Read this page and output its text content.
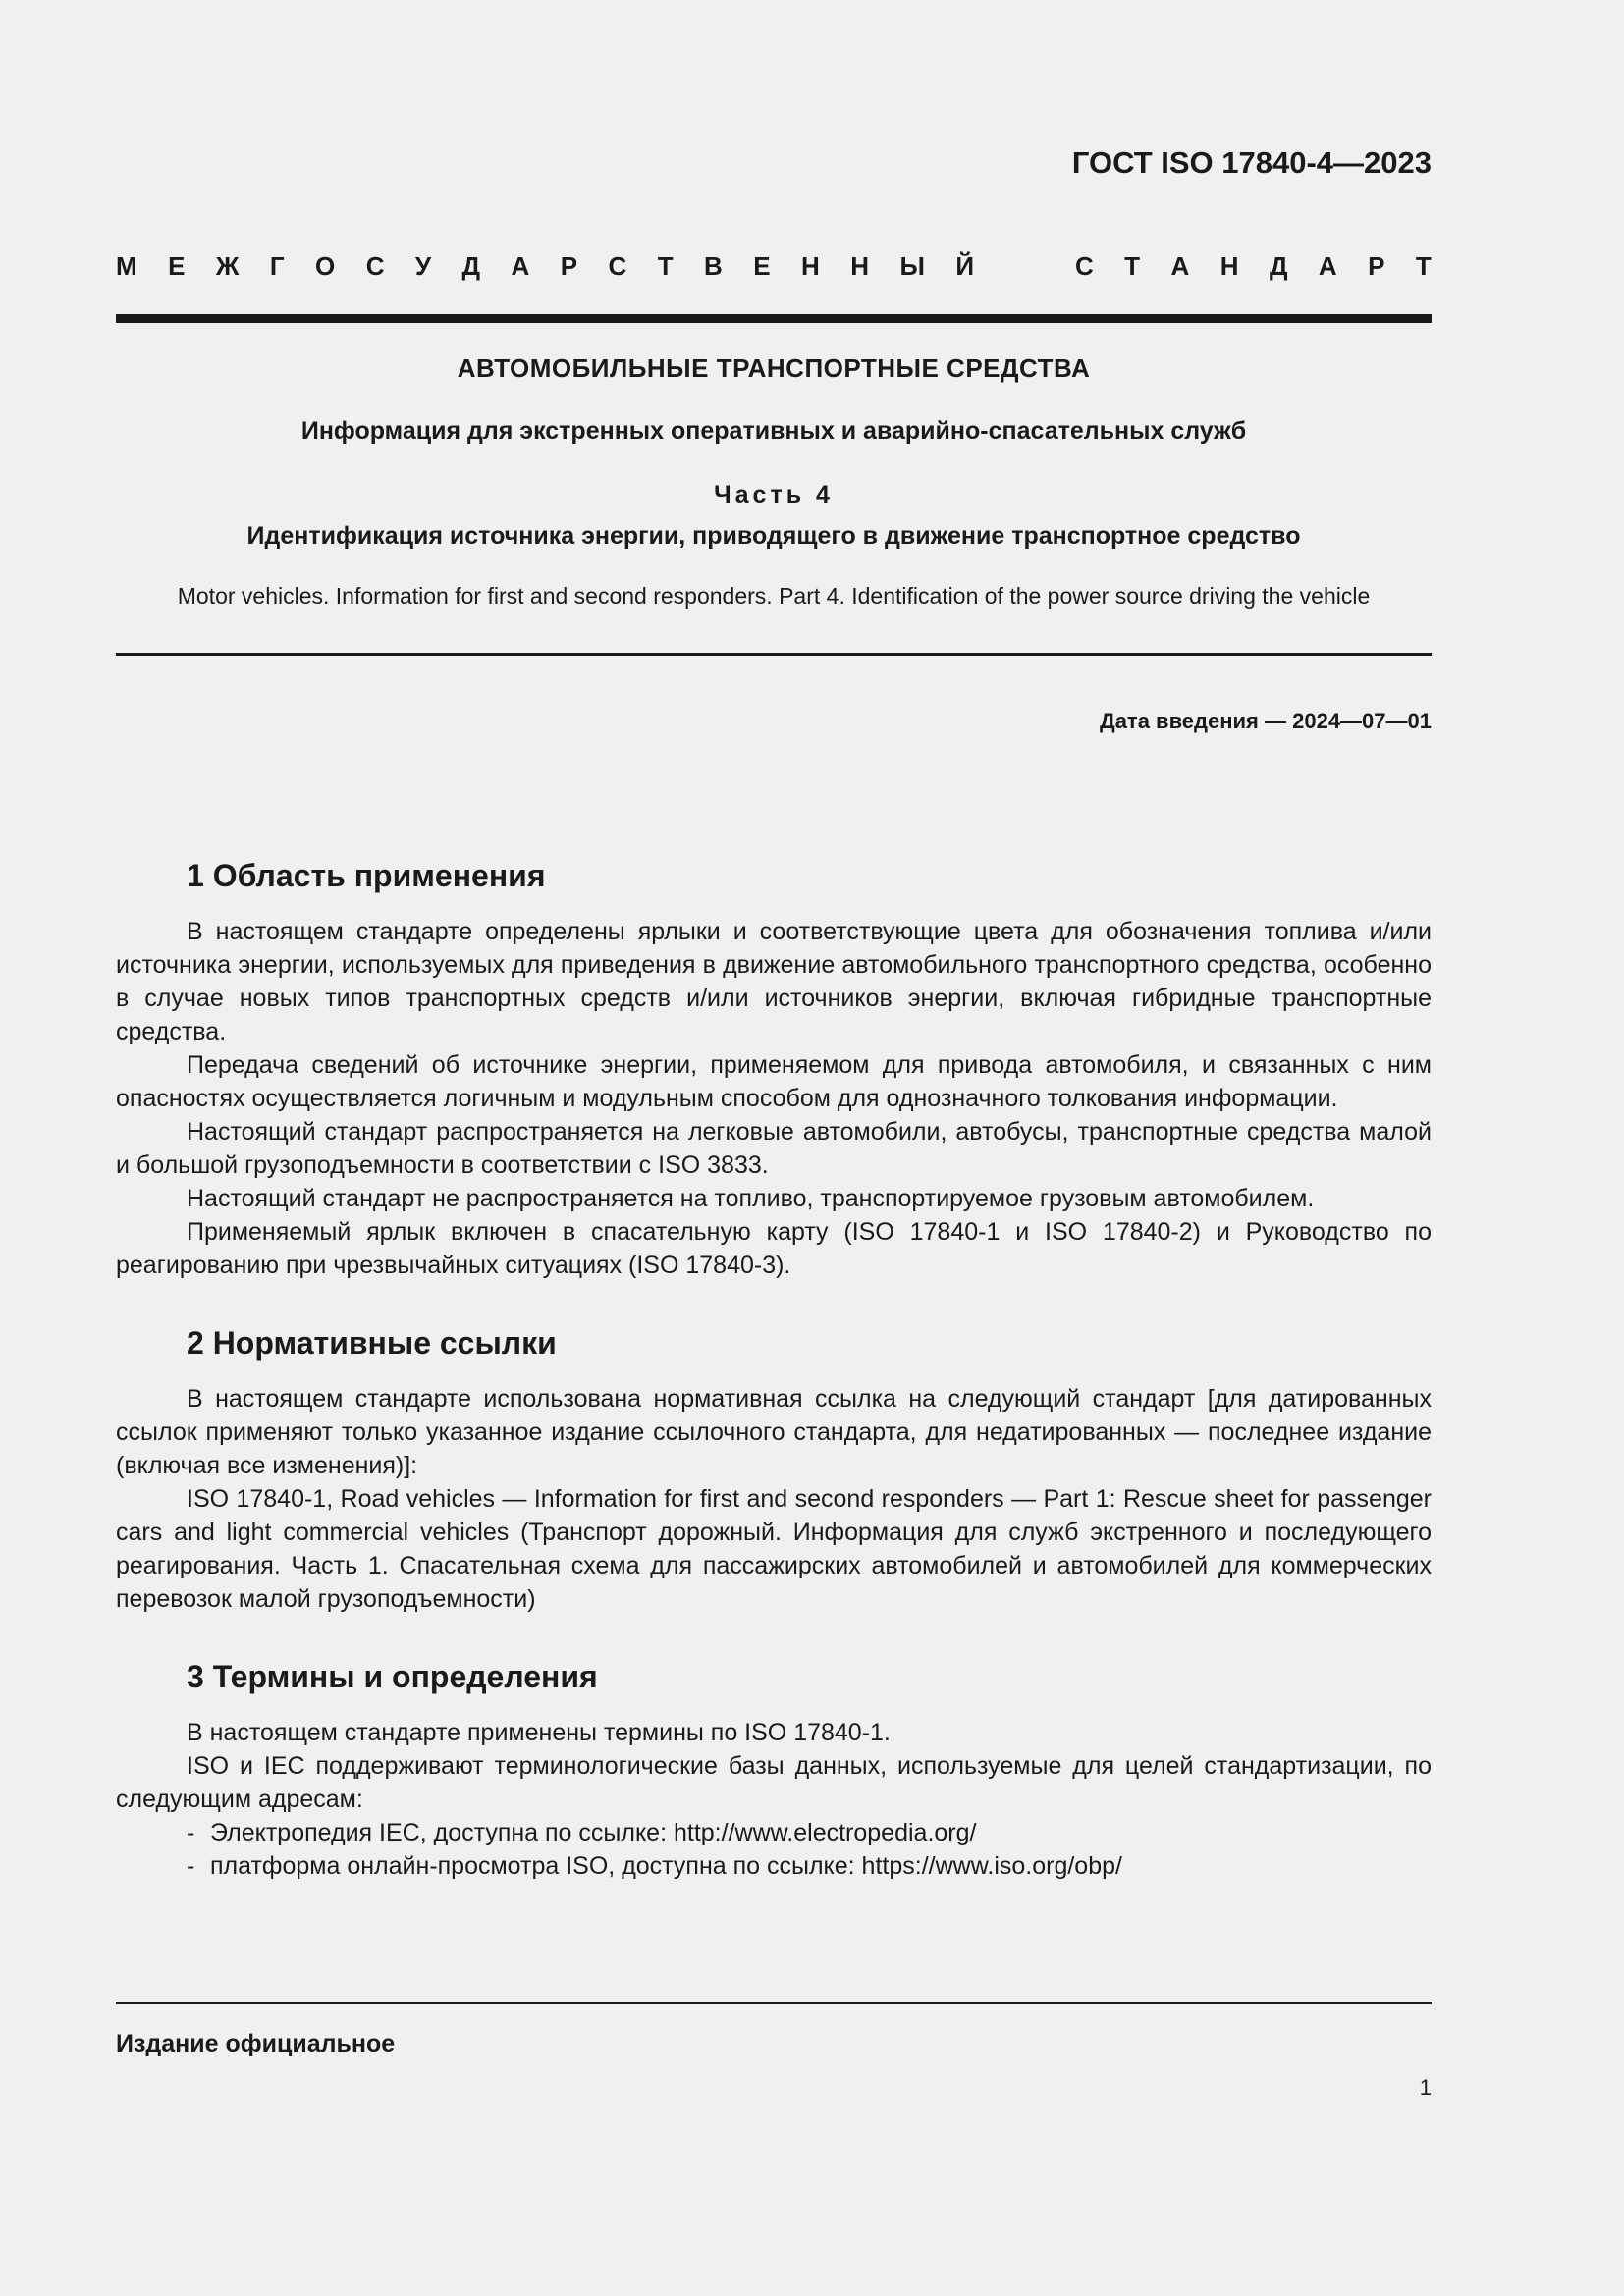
ГОСТ ISO 17840-4—2023
М Е Ж Г О С У Д А Р С Т В Е Н Н Ы Й	С Т А Н Д А Р Т
АВТОМОБИЛЬНЫЕ ТРАНСПОРТНЫЕ СРЕДСТВА
Информация для экстренных оперативных и аварийно-спасательных служб
Часть 4
Идентификация источника энергии, приводящего в движение транспортное средство
Motor vehicles. Information for first and second responders. Part 4. Identification of the power source driving the vehicle
Дата введения — 2024—07—01
1 Область применения

В настоящем стандарте определены ярлыки и соответствующие цвета для обозначения топлива и/или источника энергии, используемых для приведения в движение автомобильного транспортного средства, особенно в случае новых типов транспортных средств и/или источников энергии, включая гибридные транспортные средства.

Передача сведений об источнике энергии, применяемом для привода автомобиля, и связанных с ним опасностях осуществляется логичным и модульным способом для однозначного толкования информации.

Настоящий стандарт распространяется на легковые автомобили, автобусы, транспортные средства малой и большой грузоподъемности в соответствии с ISO 3833.

Настоящий стандарт не распространяется на топливо, транспортируемое грузовым автомобилем.

Применяемый ярлык включен в спасательную карту (ISO 17840-1 и ISO 17840-2) и Руководство по реагированию при чрезвычайных ситуациях (ISO 17840-3).

2 Нормативные ссылки

В настоящем стандарте использована нормативная ссылка на следующий стандарт [для датированных ссылок применяют только указанное издание ссылочного стандарта, для недатированных — последнее издание (включая все изменения)]:

ISO 17840-1, Road vehicles — Information for first and second responders — Part 1: Rescue sheet for passenger cars and light commercial vehicles (Транспорт дорожный. Информация для служб экстренного и последующего реагирования. Часть 1. Спасательная схема для пассажирских автомобилей и автомобилей для коммерческих перевозок малой грузоподъемности)

3 Термины и определения

В настоящем стандарте применены термины по ISO 17840-1.

ISO и IEC поддерживают терминологические базы данных, используемые для целей стандартизации, по следующим адресам:

- Электропедия IEC, доступна по ссылке: http://www.electropedia.org/
- платформа онлайн-просмотра ISO, доступна по ссылке: https://www.iso.org/obp/
Издание официальное
1
